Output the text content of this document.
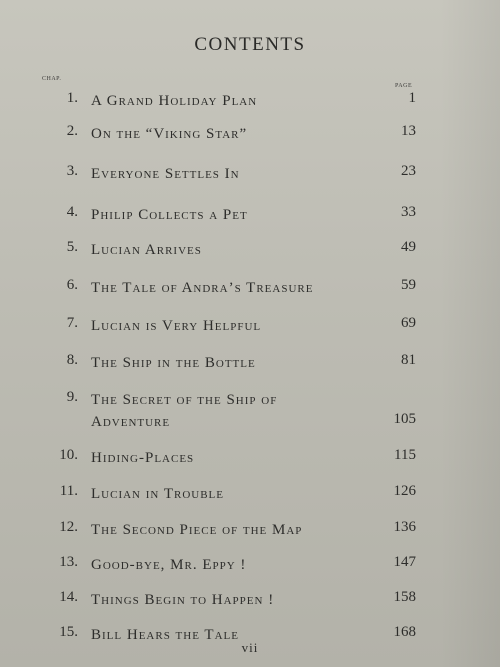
CONTENTS
CHAP.
PAGE
1. A Grand Holiday Plan	1
2. On the “Viking Star”	13
3. Everyone Settles In	23
4. Philip Collects a Pet	33
5. Lucian Arrives	49
6. The Tale of Andra’s Treasure	59
7. Lucian is Very Helpful	69
8. The Ship in the Bottle	81
9. The Secret of the Ship of Adventure	105
10. Hiding-Places	115
11. Lucian in Trouble	126
12. The Second Piece of the Map	136
13. Good-bye, Mr. Eppy !	147
14. Things Begin to Happen !	158
15. Bill Hears the Tale	168
vii
